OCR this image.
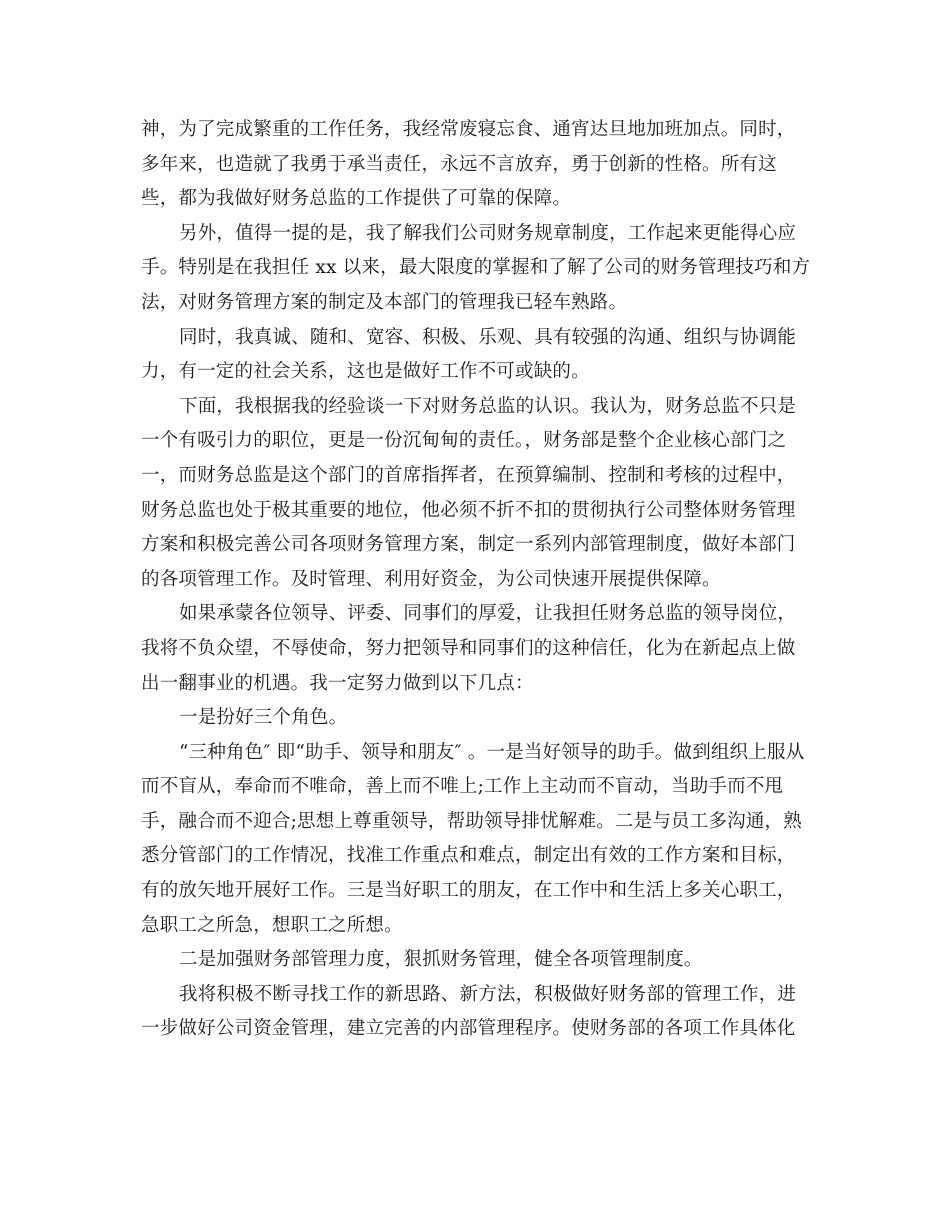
神，为了完成繁重的工作任务，我经常废寝忘食、通宵达旦地加班加点。同时，
多年来，也造就了我勇于承当责任，永远不言放弃，勇于创新的性格。所有这
些，都为我做好财务总监的工作提供了可靠的保障。
另外，值得一提的是，我了解我们公司财务规章制度，工作起来更能得心应
手。特别是在我担任 xx 以来，最大限度的掌握和了解了公司的财务管理技巧和方
法，对财务管理方案的制定及本部门的管理我已轻车熟路。
同时，我真诚、随和、宽容、积极、乐观、具有较强的沟通、组织与协调能
力，有一定的社会关系，这也是做好工作不可或缺的。
下面，我根据我的经验谈一下对财务总监的认识。我认为，财务总监不只是
一个有吸引力的职位，更是一份沉甸甸的责任。，财务部是整个企业核心部门之
一，而财务总监是这个部门的首席指挥者，在预算编制、控制和考核的过程中，
财务总监也处于极其重要的地位，他必须不折不扣的贯彻执行公司整体财务管理
方案和积极完善公司各项财务管理方案，制定一系列内部管理制度，做好本部门
的各项管理工作。及时管理、利用好资金，为公司快速开展提供保障。
如果承蒙各位领导、评委、同事们的厚爱，让我担任财务总监的领导岗位，
我将不负众望，不辱使命，努力把领导和同事们的这种信任，化为在新起点上做
出一翻事业的机遇。我一定努力做到以下几点：
一是扮好三个角色。
“三种角色″ 即“助手、领导和朋友″ 。一是当好领导的助手。做到组织上服从
而不盲从，奉命而不唯命，善上而不唯上;工作上主动而不盲动，当助手而不甩
手，融合而不迎合;思想上尊重领导，帮助领导排忧解难。二是与员工多沟通，熟
悉分管部门的工作情况，找准工作重点和难点，制定出有效的工作方案和目标，
有的放矢地开展好工作。三是当好职工的朋友，在工作中和生活上多关心职工，
急职工之所急，想职工之所想。
二是加强财务部管理力度，狠抓财务管理，健全各项管理制度。
我将积极不断寻找工作的新思路、新方法，积极做好财务部的管理工作，进
一步做好公司资金管理，建立完善的内部管理程序。使财务部的各项工作具体化
